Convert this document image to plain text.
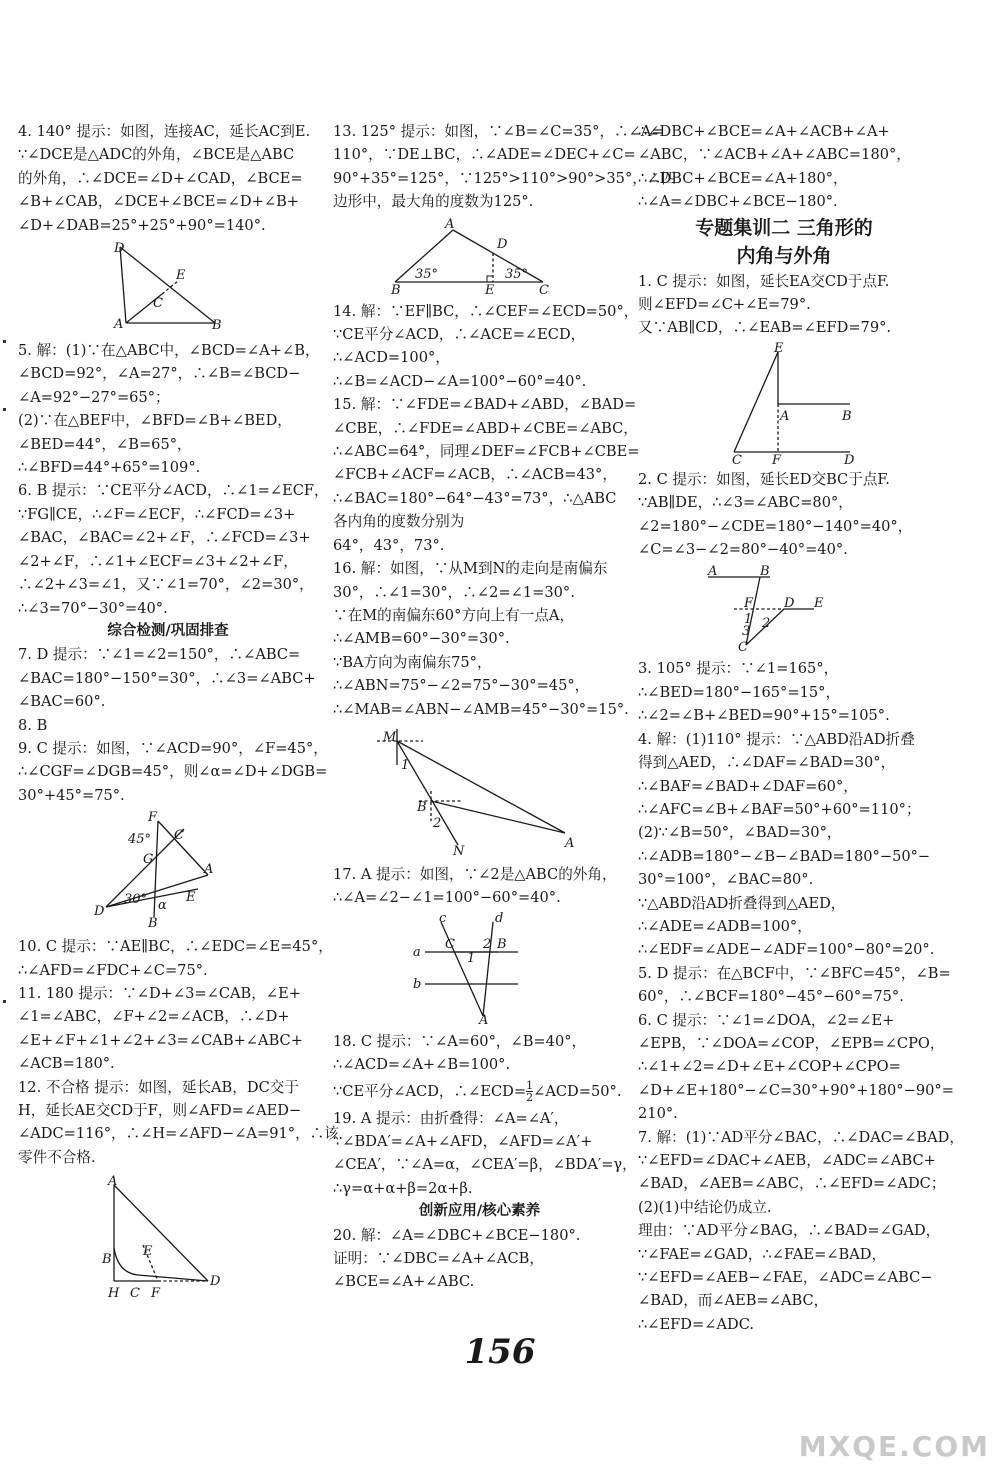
4. 140° 提示：如图，连接AC，延长AC到E.
∵∠DCE是△ADC的外角，∠BCE是△ABC
的外角，∴∠DCE=∠D+∠CAD，∠BCE=
∠B+∠CAB，∠DCE+∠BCE=∠D+∠B+
∠D+∠DAB=25°+25°+90°=140°.
D
E
C
A	B
5. 解：(1)∵在△ABC中，∠BCD=∠A+∠B，
∠BCD=92°，∠A=27°，∴∠B=∠BCD−
∠A=92°−27°=65°；
(2)∵在△BEF中，∠BFD=∠B+∠BED，
∠BED=44°，∠B=65°，
∴∠BFD=44°+65°=109°.
6. B 提示：∵CE平分∠ACD，∴∠1=∠ECF，
∵FG∥CE，∴∠F=∠ECF，∴∠FCD=∠3+
∠BAC，∠BAC=∠2+∠F，∴∠FCD=∠3+
∠2+∠F，∴∠1+∠ECF=∠3+∠2+∠F，
∴∠2+∠3=∠1，又∵∠1=70°，∠2=30°，
∴∠3=70°−30°=40°.
综合检测/巩固排查
7. D 提示：∵∠1=∠2=150°，∴∠ABC=
∠BAC=180°−150°=30°，∴∠3=∠ABC+
∠BAC=60°.
8. B
9. C 提示：如图，∵∠ACD=90°，∠F=45°，
∴∠CGF=∠DGB=45°，则∠α=∠D+∠DGB=
30°+45°=75°.
F
45° C
G
A
30°	E
D	α
B
10. C 提示：∵AE∥BC，∴∠EDC=∠E=45°，
∴∠AFD=∠FDC+∠C=75°.
11. 180 提示：∵∠D+∠3=∠CAB，∠E+
∠1=∠ABC，∠F+∠2=∠ACB，∴∠D+
∠E+∠F+∠1+∠2+∠3=∠CAB+∠ABC+
∠ACB=180°.
12. 不合格 提示：如图，延长AB，DC交于
H，延长AE交CD于F，则∠AFD=∠AED−
∠ADC=116°，∴∠H=∠AFD−∠A=91°，∴该
零件不合格.
A
E
B
H C F
D
13. 125° 提示：如图，∵∠B=∠C=35°，∴∠A=
110°，∵DE⊥BC，∴∠ADE=∠DEC+∠C=
90°+35°=125°，∵125°>110°>90°>35°，∴四
边形中，最大角的度数为125°.
A
D
35°	35°
B	E	C
14. 解：∵EF∥BC，∴∠CEF=∠ECD=50°，
∵CE平分∠ACD，∴∠ACE=∠ECD，
∴∠ACD=100°，
∴∠B=∠ACD−∠A=100°−60°=40°.
15. 解：∵∠FDE=∠BAD+∠ABD，∠BAD=
∠CBE，∴∠FDE=∠ABD+∠CBE=∠ABC，
∴∠ABC=64°，同理∠DEF=∠FCB+∠CBE=
∠FCB+∠ACF=∠ACB，∴∠ACB=43°，
∴∠BAC=180°−64°−43°=73°，∴△ABC各内角的度数分别为
64°，43°，73°.
16. 解：如图，∵从M到N的走向是南偏东
30°，∴∠1=30°，∴∠2=∠1=30°.
∵在M的南偏东60°方向上有一点A，
∴∠AMB=60°−30°=30°.
∵BA方向为南偏东75°，
∴∠ABN=75°−∠2=75°−30°=45°，
∴∠MAB=∠ABN−∠AMB=45°−30°=15°.
M
1
B
2
N
A
17. A 提示：如图，∵∠2是△ABC的外角，
∴∠A=∠2−∠1=100°−60°=40°.
c	d
a
C 2 B
1
b
A
18. C 提示：∵∠A=60°，∠B=40°，
∴∠ACD=∠A+∠B=100°.
∵CE平分∠ACD，∴∠ECD= $\frac{1}{2}$ ∠ACD=50°.
19. A 提示：由折叠得：∠A=∠A′，
∵∠BDA′=∠A+∠AFD，∠AFD=∠A′+
∠CEA′，∵∠A=α，∠CEA′=β，∠BDA′=γ，
∴γ=α+α+β=2α+β.
创新应用/核心素养
20. 解：∠A=∠DBC+∠BCE−180°.
证明：∵∠DBC=∠A+∠ACB，
∠BCE=∠A+∠ABC.
∴∠DBC+∠BCE=∠A+∠ACB+∠A+
∠ABC，∵∠ACB+∠A+∠ABC=180°，
∴∠DBC+∠BCE=∠A+180°，
∴∠A=∠DBC+∠BCE−180°.
专题集训二 三角形的
内角与外角
1. C 提示：如图，延长EA交CD于点F.
则∠EFD=∠C+∠E=79°.
又∵AB∥CD，∴∠EAB=∠EFD=79°.
E
A	B
C F	D
2. C 提示：如图，延长ED交BC于点F.
∵AB∥DE，∴∠3=∠ABC=80°，
∠2=180°−∠CDE=180°−140°=40°，
∠C=∠3−∠2=80°−40°=40°.
A	B
F D E
1 2
3
C
3. 105° 提示：∵∠1=165°，
∴∠BED=180°−165°=15°，
∴∠2=∠B+∠BED=90°+15°=105°.
4. 解：(1)110° 提示：∵△ABD沿AD折叠
得到△AED，∴∠DAF=∠BAD=30°，
∴∠BAF=∠BAD+∠DAF=60°，
∴∠AFC=∠B+∠BAF=50°+60°=110°；
(2)∵∠B=50°，∠BAD=30°，
∴∠ADB=180°−∠B−∠BAD=180°−50°−
30°=100°，∠BAC=80°.
∵△ABD沿AD折叠得到△AED，
∴∠ADE=∠ADB=100°，
∴∠EDF=∠ADE−∠ADF=100°−80°=20°.
5. D 提示：在△BCF中，∵∠BFC=45°，∠B=
60°，∴∠BCF=180°−45°−60°=75°.
6. C 提示：∵∠1=∠DOA，∠2=∠E+
∠EPB，∵∠DOA=∠COP，∠EPB=∠CPO，
∴∠1+∠2=∠D+∠E+∠COP+∠CPO=
∠D+∠E+180°−∠C=30°+90°+180°−90°=
210°.
7. 解：(1)∵AD平分∠BAC，∴∠DAC=∠BAD，
∵∠EFD=∠DAC+∠AEB，∠ADC=∠ABC+
∠BAD，∠AEB=∠ABC，∴∠EFD=∠ADC；
(2)(1)中结论仍成立.
理由：∵AD平分∠BAG，∴∠BAD=∠GAD，
∵∠FAE=∠GAD，∴∠FAE=∠BAD，
∵∠EFD=∠AEB−∠FAE，∠ADC=∠ABC−
∠BAD，而∠AEB=∠ABC，
∴∠EFD=∠ADC.
156
MXQE.COM
